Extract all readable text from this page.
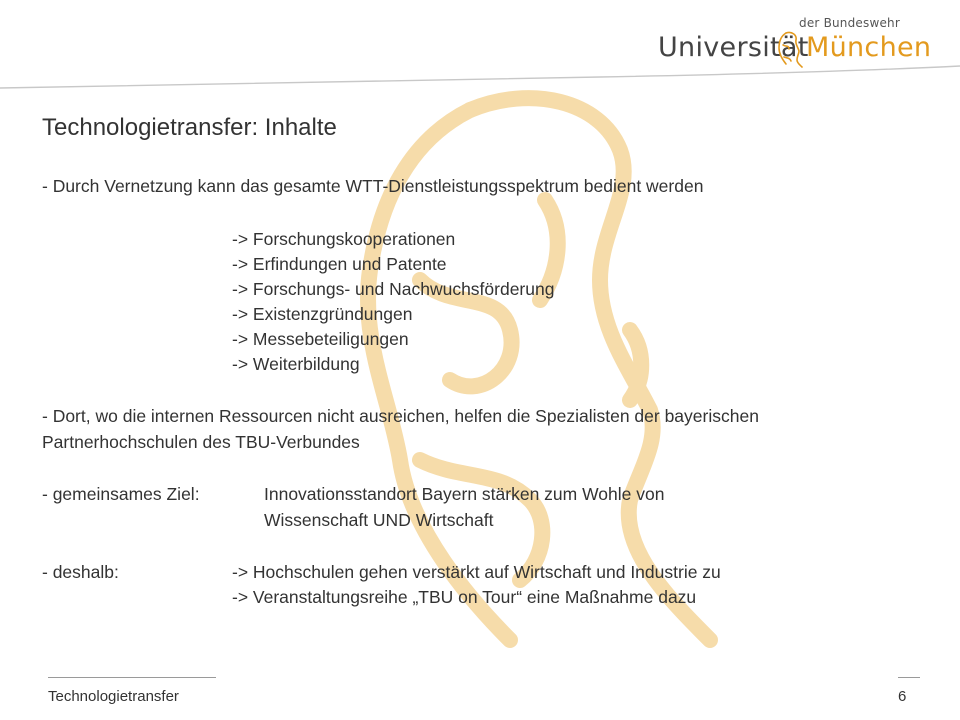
der Bundeswehr
Universität
München
Technologietransfer: Inhalte
- Durch Vernetzung kann das gesamte WTT-Dienstleistungsspektrum bedient werden
-> Forschungskooperationen
-> Erfindungen und Patente
-> Forschungs- und Nachwuchsförderung
-> Existenzgründungen
-> Messebeteiligungen
-> Weiterbildung
- Dort, wo die internen Ressourcen nicht ausreichen, helfen die Spezialisten der bayerischen
Partnerhochschulen des TBU-Verbundes
- gemeinsames Ziel:	Innovationsstandort Bayern stärken zum Wohle von
Wissenschaft UND Wirtschaft
- deshalb:	-> Hochschulen gehen verstärkt auf Wirtschaft und Industrie zu
-> Veranstaltungsreihe „TBU on Tour“ eine Maßnahme dazu
Technologietransfer	6
